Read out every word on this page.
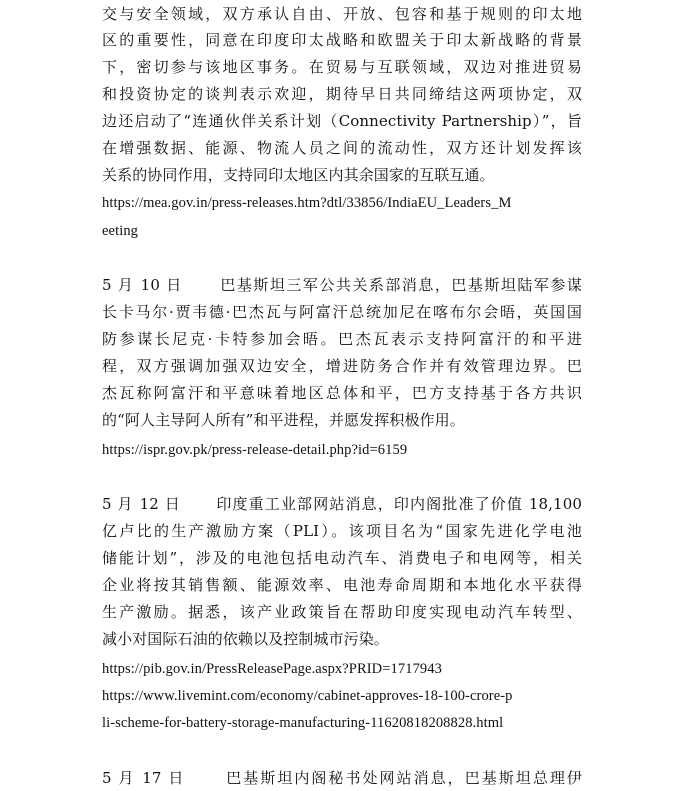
交与安全领域，双方承认自由、开放、包容和基于规则的印太地
区的重要性，同意在印度印太战略和欧盟关于印太新战略的背景
下，密切参与该地区事务。在贸易与互联领域，双边对推进贸易
和投资协定的谈判表示欢迎，期待早日共同缔结这两项协定，双
边还启动了“连通伙伴关系计划（Connectivity Partnership）”，旨
在增强数据、能源、物流人员之间的流动性，双方还计划发挥该
关系的协同作用，支持同印太地区内其余国家的互联互通。
https://mea.gov.in/press-releases.htm?dtl/33856/IndiaEU_Leaders_M
eeting
5 月 10 日      巴基斯坦三军公共关系部消息，巴基斯坦陆军参谋
长卡马尔·贾韦德·巴杰瓦与阿富汗总统加尼在喀布尔会晤，英国国
防参谋长尼克·卡特参加会晤。巴杰瓦表示支持阿富汗的和平进
程，双方强调加强双边安全，增进防务合作并有效管理边界。巴
杰瓦称阿富汗和平意味着地区总体和平，巴方支持基于各方共识
的“阿人主导阿人所有”和平进程，并愿发挥积极作用。
https://ispr.gov.pk/press-release-detail.php?id=6159
5 月 12 日      印度重工业部网站消息，印内阁批准了价值 18,100
亿卢比的生产激励方案（PLI）。该项目名为“国家先进化学电池
储能计划”，涉及的电池包括电动汽车、消费电子和电网等，相关
企业将按其销售额、能源效率、电池寿命周期和本地化水平获得
生产激励。据悉，该产业政策旨在帮助印度实现电动汽车转型、
减小对国际石油的依赖以及控制城市污染。
https://pib.gov.in/PressReleasePage.aspx?PRID=1717943
https://www.livemint.com/economy/cabinet-approves-18-100-crore-p
li-scheme-for-battery-storage-manufacturing-11620818208828.html
5 月 17 日      巴基斯坦内阁秘书处网站消息，巴基斯坦总理伊
